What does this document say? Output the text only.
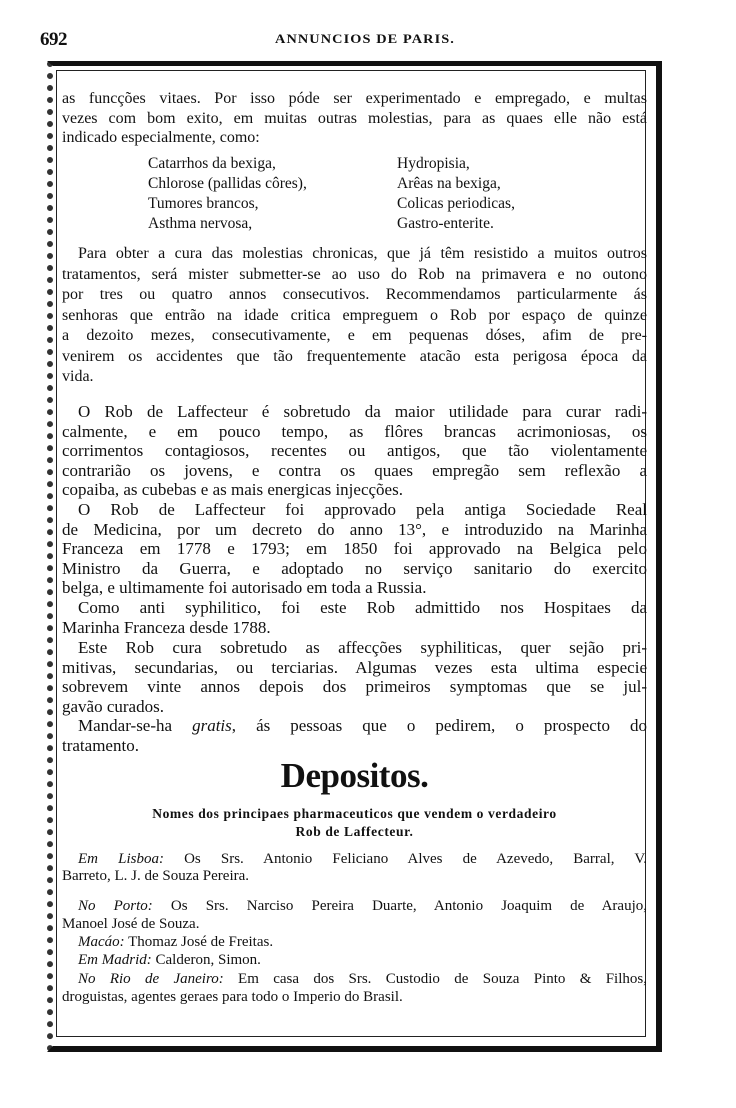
692	ANNUNCIOS DE PARIS.
as funcções vitaes. Por isso póde ser experimentado e empregado, e multas
vezes com bom exito, em muitas outras molestias, para as quaes elle não está
indicado especialmente, como:
Catarrhos da bexiga,
Chlorose (pallidas côres),
Tumores brancos,
Asthma nervosa,
Hydropisia,
Arêas na bexiga,
Colicas periodicas,
Gastro-enterite.
Para obter a cura das molestias chronicas, que já têm resistido a muitos outros
tratamentos, será mister submetter-se ao uso do Rob na primavera e no outono
por tres ou quatro annos consecutivos. Recommendamos particularmente ás
senhoras que entrão na idade critica empreguem o Rob por espaço de quinze
a dezoito mezes, consecutivamente, e em pequenas dóses, afim de pre-
venirem os accidentes que tão frequentemente atacão esta perigosa época da
vida.
O Rob de Laffecteur é sobretudo da maior utilidade para curar radi-
calmente, e em pouco tempo, as flôres brancas acrimoniosas, os
corrimentos contagiosos, recentes ou antigos, que tão violentamente
contrarião os jovens, e contra os quaes empregão sem reflexão a
copaiba, as cubebas e as mais energicas injecções.
O Rob de Laffecteur foi approvado pela antiga Sociedade Real
de Medicina, por um decreto do anno 13°, e introduzido na Marinha
Franceza em 1778 e 1793; em 1850 foi approvado na Belgica pelo
Ministro da Guerra, e adoptado no serviço sanitario do exercito
belga, e ultimamente foi autorisado em toda a Russia.
Como anti syphilitico, foi este Rob admittido nos Hospitaes da
Marinha Franceza desde 1788.
Este Rob cura sobretudo as affecções syphiliticas, quer sejão pri-
mitivas, secundarias, ou terciarias. Algumas vezes esta ultima especie
sobrevem vinte annos depois dos primeiros symptomas que se jul-
gavão curados.
Mandar-se-ha gratis, ás pessoas que o pedirem, o prospecto do
tratamento.
Nomes dos principaes pharmaceuticos que vendem o verdadeiro
Rob de Laffecteur.
Em Lisboa: Os Srs. Antonio Feliciano Alves de Azevedo, Barral, V.
Barreto, L. J. de Souza Pereira.
No Porto: Os Srs. Narciso Pereira Duarte, Antonio Joaquim de Araujo,
Manoel José de Souza.
Macáo: Thomaz José de Freitas.
Em Madrid: Calderon, Simon.
No Rio de Janeiro: Em casa dos Srs. Custodio de Souza Pinto & Filhos,
droguistas, agentes geraes para todo o Imperio do Brasil.
Depositos.
